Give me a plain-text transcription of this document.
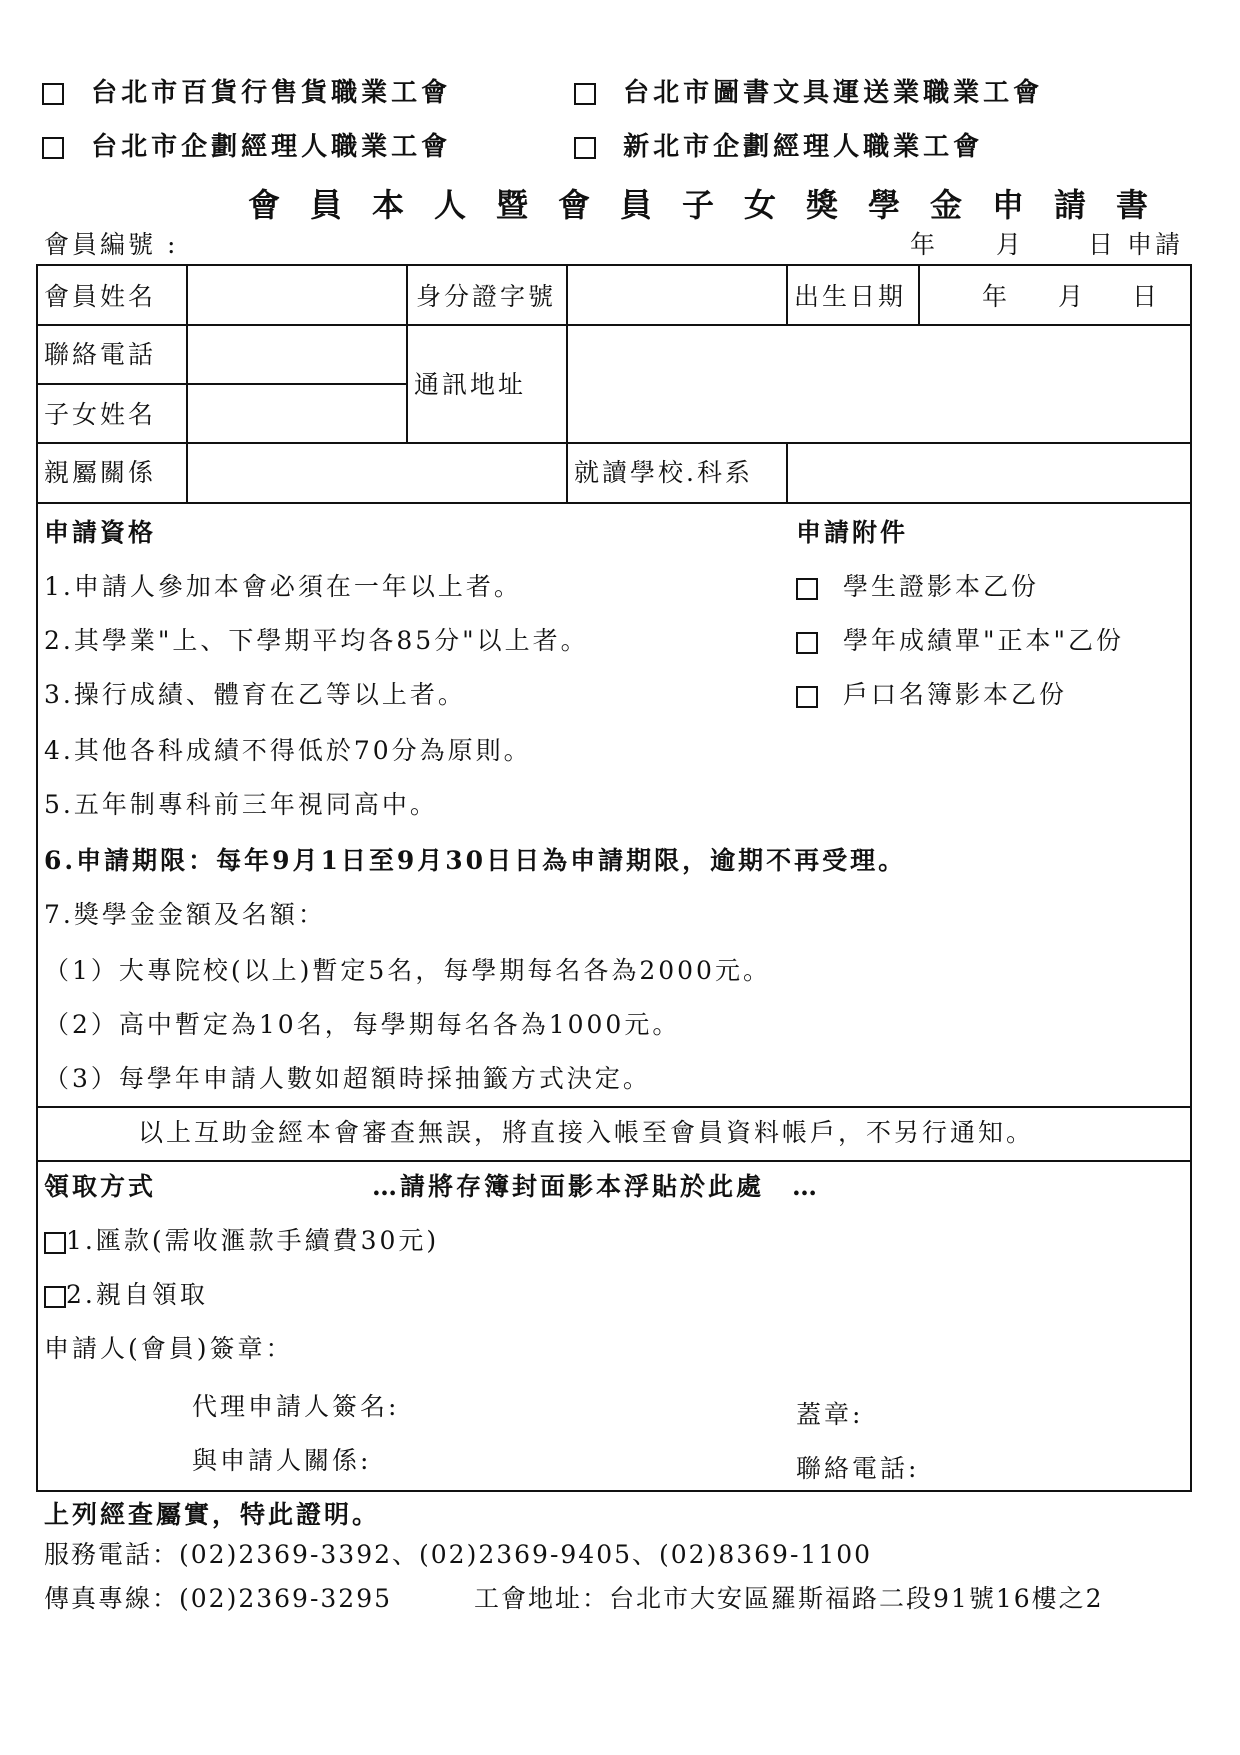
台北市百貨行售貨職業工會	台北市圖書文具運送業職業工會
台北市企劃經理人職業工會	新北市企劃經理人職業工會
會員本人暨會員子女獎學金申請書
會員編號 :	年 月	日 申請
會員姓名	身分證字號	出生日期	年 月 日
聯絡電話
通訊地址
子女姓名
親屬關係	就讀學校.科系
申請資格
1.申請人參加本會必須在一年以上者。
2.其學業"上、下學期平均各85分"以上者。
3.操行成績、體育在乙等以上者。
4.其他各科成績不得低於70分為原則。
5.五年制專科前三年視同高中。
6.申請期限：每年9月1日至9月30日日為申請期限，逾期不再受理。
7.獎學金金額及名額：
（1）大專院校(以上)暫定5名，每學期每名各為2000元。
（2）高中暫定為10名，每學期每名各為1000元。
（3）每學年申請人數如超額時採抽籤方式決定。
申請附件
學生證影本乙份
學年成績單"正本"乙份
戶口名簿影本乙份
以上互助金經本會審查無誤，將直接入帳至會員資料帳戶，不另行通知。
領取方式	…請將存簿封面影本浮貼於此處　…
1.匯款(需收滙款手續費30元)
2.親自領取
申請人(會員)簽章：
代理申請人簽名:	蓋章:
與申請人關係:	聯絡電話:
上列經查屬實，特此證明。
服務電話：(02)2369-3392、(02)2369-9405、(02)8369-1100
傳真專線：(02)2369-3295	工會地址：台北市大安區羅斯福路二段91號16樓之2
